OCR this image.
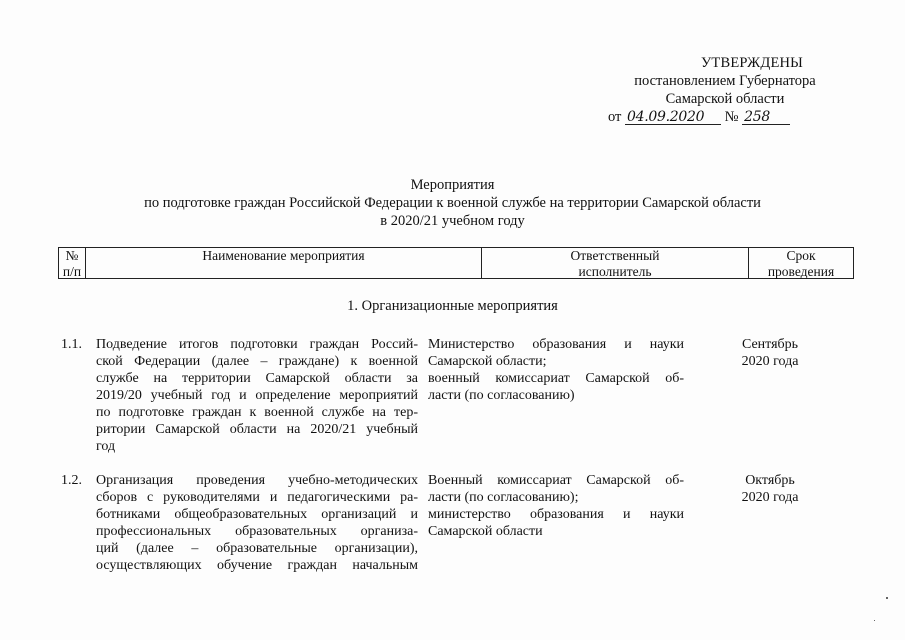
УТВЕРЖДЕНЫ
постановлением Губернатора
Самарской области
от 04.09.2020 № 258
Мероприятия
по подготовке граждан Российской Федерации к военной службе на территории Самарской области
в 2020/21 учебном году
№
п/п
Наименование мероприятия	Ответственный
исполнитель
Срок
проведения
1. Организационные мероприятия
1.1. Подведение итогов подготовки граждан Россий-
ской Федерации (далее – граждане) к военной
службе на территории Самарской области за
2019/20 учебный год и определение мероприятий
по подготовке граждан к военной службе на тер-
ритории Самарской области на 2020/21 учебный
год
Министерство образования и науки
Самарской области;
военный комиссариат Самарской об-
ласти (по согласованию)
Сентябрь
2020 года
1.2. Организация проведения учебно-методических
сборов с руководителями и педагогическими ра-
ботниками общеобразовательных организаций и
профессиональных образовательных организа-
ций (далее – образовательные организации),
осуществляющих обучение граждан начальным
Военный комиссариат Самарской об-
ласти (по согласованию);
министерство образования и науки
Самарской области
Октябрь
2020 года
